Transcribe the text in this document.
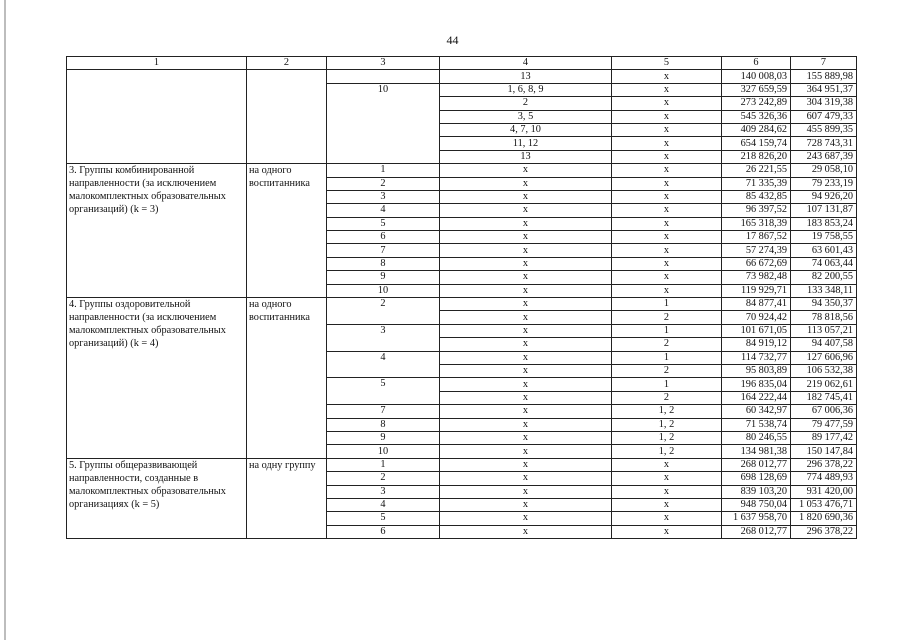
44
1	2	3	4	5	6	7
			13	х	140 008,03	155 889,98
		10	1, 6, 8, 9	х	327 659,59	364 951,37
			2	х	273 242,89	304 319,38
			3, 5	х	545 326,36	607 479,33
			4, 7, 10	х	409 284,62	455 899,35
			11, 12	х	654 159,74	728 743,31
			13	х	218 826,20	243 687,39
3. Группы комбинированной направленности (за исключением малокомплектных образовательных организаций) (k = 3)	на одного воспитанника	1	х	х	26 221,55	29 058,10
		2	х	х	71 335,39	79 233,19
		3	х	х	85 432,85	94 926,20
		4	х	х	96 397,52	107 131,87
		5	х	х	165 318,39	183 853,24
		6	х	х	17 867,52	19 758,55
		7	х	х	57 274,39	63 601,43
		8	х	х	66 672,69	74 063,44
		9	х	х	73 982,48	82 200,55
		10	х	х	119 929,71	133 348,11
4. Группы оздоровительной направленности (за исключением малокомплектных образовательных организаций) (k = 4)	на одного воспитанника	2	х	1	84 877,41	94 350,37
			х	2	70 924,42	78 818,56
		3	х	1	101 671,05	113 057,21
			х	2	84 919,12	94 407,58
		4	х	1	114 732,77	127 606,96
			х	2	95 803,89	106 532,38
		5	х	1	196 835,04	219 062,61
			х	2	164 222,44	182 745,41
		7	х	1, 2	60 342,97	67 006,36
		8	х	1, 2	71 538,74	79 477,59
		9	х	1, 2	80 246,55	89 177,42
		10	х	1, 2	134 981,38	150 147,84
5. Группы общеразвивающей направленности, созданные в малокомплектных образовательных организациях (k = 5)	на одну группу	1	х	х	268 012,77	296 378,22
		2	х	х	698 128,69	774 489,93
		3	х	х	839 103,20	931 420,00
		4	х	х	948 750,04	1 053 476,71
		5	х	х	1 637 958,70	1 820 690,36
		6	х	х	268 012,77	296 378,22
